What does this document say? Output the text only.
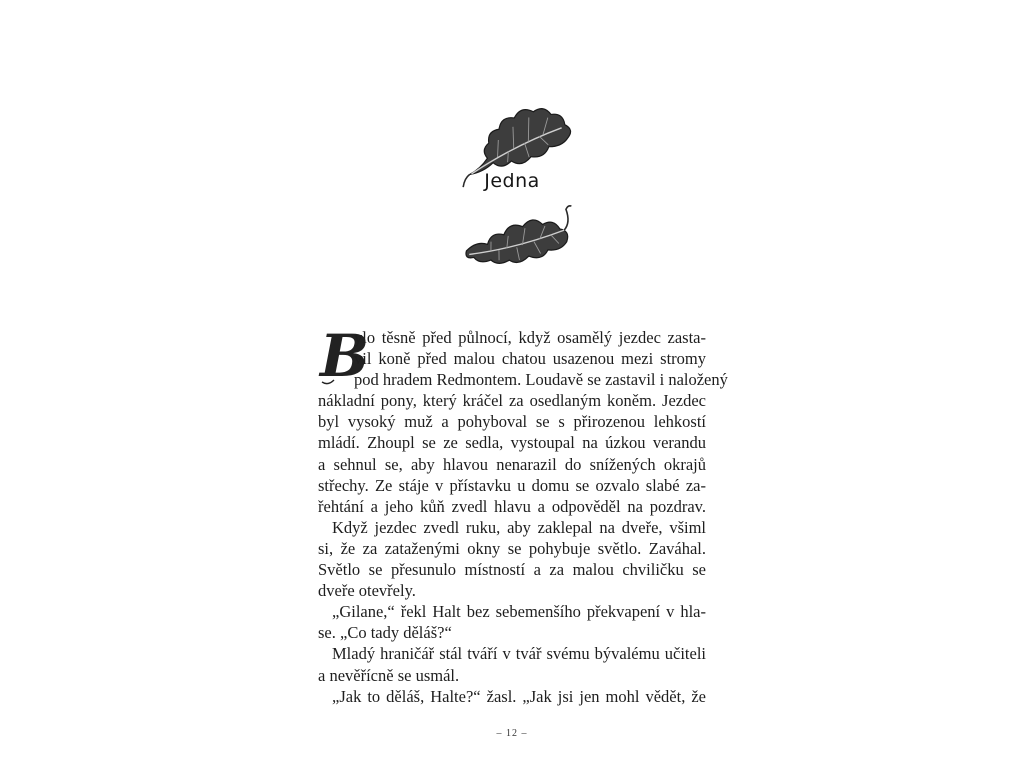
Jedna
B
ylo těsně před půlnocí, když osamělý jezdec zasta-
vil koně před malou chatou usazenou mezi stromy
pod hradem Redmontem. Loudavě se zastavil i naložený
nákladní pony, který kráčel za osedlaným koněm. Jezdec
byl vysoký muž a pohyboval se s přirozenou lehkostí
mládí. Zhoupl se ze sedla, vystoupal na úzkou verandu
a sehnul se, aby hlavou nenarazil do snížených okrajů
střechy. Ze stáje v přístavku u domu se ozvalo slabé za-
řehtání a jeho kůň zvedl hlavu a odpověděl na pozdrav.
Když jezdec zvedl ruku, aby zaklepal na dveře, všiml
si, že za zataženými okny se pohybuje světlo. Zaváhal.
Světlo se přesunulo místností a za malou chviličku se
dveře otevřely.
„Gilane,“ řekl Halt bez sebemenšího překvapení v hla-
se. „Co tady děláš?“
Mladý hraničář stál tváří v tvář svému bývalému učiteli
a nevěřícně se usmál.
„Jak to děláš, Halte?“ žasl. „Jak jsi jen mohl vědět, že
– 12 –
